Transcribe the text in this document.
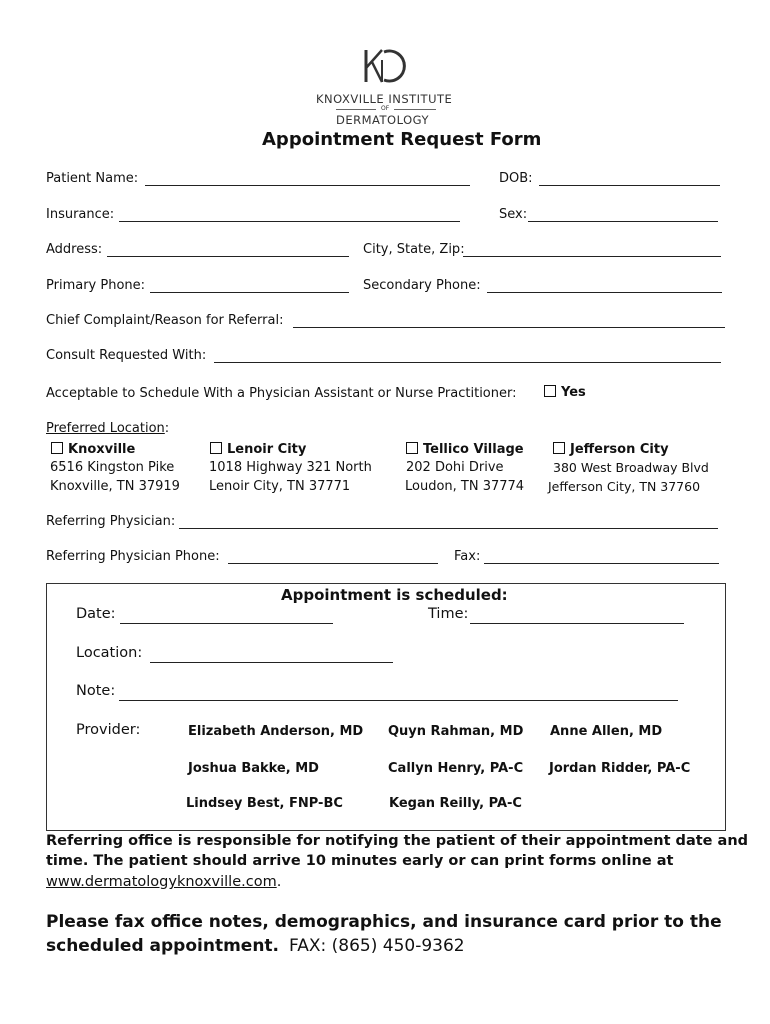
KNOXVILLE INSTITUTE
OF
DERMATOLOGY
Appointment Request Form
Patient Name:	DOB:
Insurance:	Sex:
Address:	City, State, Zip:
Primary Phone:	Secondary Phone:
Chief Complaint/Reason for Referral:
Consult Requested With:
Acceptable to Schedule With a Physician Assistant or Nurse Practitioner:	Yes
Preferred Location:
Knoxville
6516 Kingston Pike
Knoxville, TN 37919
Lenoir City
1018 Highway 321 North
Lenoir City, TN 37771
Tellico Village
202 Dohi Drive
Loudon, TN 37774
Jefferson City
380 West Broadway Blvd
Jefferson City, TN 37760
Referring Physician:
Referring Physician Phone:	Fax:
Appointment is scheduled:
Date:	Time:
Location:
Note:
Provider:	Elizabeth Anderson, MD Quyn Rahman, MD Anne Allen, MD
Joshua Bakke, MD	Callyn Henry, PA-C Jordan Ridder, PA-C
Lindsey Best, FNP-BC	Kegan Reilly, PA-C
Referring office is responsible for notifying the patient of their appointment date and
time. The patient should arrive 10 minutes early or can print forms online at
www.dermatologyknoxville.com.
Please fax office notes, demographics, and insurance card prior to the
scheduled appointment. FAX: (865) 450-9362
